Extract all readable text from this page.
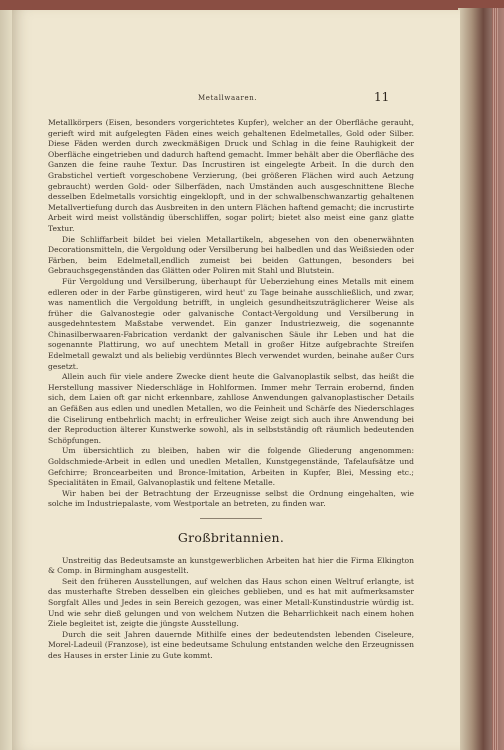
Metallwaaren.	11

Metallkörpers (Eisen, besonders vorgerichtetes Kupfer), welcher an der Oberfläche gerauht, gerieft wird mit aufgelegten Fäden eines weich gehaltenen Edelmetalles, Gold oder Silber. Diese Fäden werden durch zweckmäßigen Druck und Schlag in die feine Rauhigkeit der Oberfläche eingetrieben und dadurch haftend gemacht. Immer behält aber die Oberfläche des Ganzen die feine rauhe Textur. Das Incrustiren ist eingelegte Arbeit. In die durch den Grabstichel vertieft vorgeschobene Verzierung, (bei größeren Flächen wird auch Aetzung gebraucht) werden Gold- oder Silberfäden, nach Umständen auch ausgeschnittene Bleche desselben Edelmetalls vorsichtig eingeklopft, und in der schwalbenschwanzartig gehaltenen Metallvertiefung durch das Ausbreiten in den untern Flächen haftend gemacht; die incrustirte Arbeit wird meist vollständig überschliffen, sogar polirt; bietet also meist eine ganz glatte Textur.

Die Schliffarbeit bildet bei vielen Metallartikeln, abgesehen von den obenerwähnten Decorationsmitteln, die Vergoldung oder Versilberung bei halbedlen und das Weißsieden oder Färben, beim Edelmetall,endlich zumeist bei beiden Gattungen, besonders bei Gebrauchsgegenständen das Glätten oder Poliren mit Stahl und Blutstein.

Für Vergoldung und Versilberung, überhaupt für Ueberziehung eines Metalls mit einem edleren oder in der Farbe günstigeren, wird heut' zu Tage beinahe ausschließlich, und zwar, was namentlich die Vergoldung betrifft, in ungleich gesundheitszuträglicherer Weise als früher die Galvanostegie oder galvanische Contact-Vergoldung und Versilberung in ausgedehntestem Maßstabe verwendet. Ein ganzer Industriezweig, die sogenannte Chinasilberwaaren-Fabrication verdankt der galvanischen Säule ihr Leben und hat die sogenannte Plattirung, wo auf unechtem Metall in großer Hitze aufgebrachte Streifen Edelmetall gewalzt und als beliebig verdünntes Blech verwendet wurden, beinahe außer Curs gesetzt.

Allein auch für viele andere Zwecke dient heute die Galvanoplastik selbst, das heißt die Herstellung massiver Niederschläge in Hohlformen. Immer mehr Terrain erobernd, finden sich, dem Laien oft gar nicht erkennbare, zahllose Anwendungen galvanoplastischer Details an Gefäßen aus edlen und unedlen Metallen, wo die Feinheit und Schärfe des Niederschlages die Ciselirung entbehrlich macht; in erfreulicher Weise zeigt sich auch ihre Anwendung bei der Reproduction älterer Kunstwerke sowohl, als in selbstständig oft räumlich bedeutenden Schöpfungen.

Um übersichtlich zu bleiben, haben wir die folgende Gliederung angenommen: Goldschmiede-Arbeit in edlen und unedlen Metallen, Kunstgegenstände, Tafelaufsätze und Gefchirre; Broncearbeiten und Bronce-Imitation, Arbeiten in Kupfer, Blei, Messing etc.; Specialitäten in Email, Galvanoplastik und feltene Metalle.

Wir haben bei der Betrachtung der Erzeugnisse selbst die Ordnung eingehalten, wie solche im Industriepalaste, vom Westportale an betreten, zu finden war.

Großbritannien.

Unstreitig das Bedeutsamste an kunstgewerblichen Arbeiten hat hier die Firma Elkington & Comp. in Birmingham ausgestellt.

Seit den früheren Ausstellungen, auf welchen das Haus schon einen Weltruf erlangte, ist das musterhafte Streben desselben ein gleiches geblieben, und es hat mit aufmerksamster Sorgfalt Alles und Jedes in sein Bereich gezogen, was einer Metall-Kunstindustrie würdig ist. Und wie sehr dieß gelungen und von welchem Nutzen die Beharrlichkeit nach einem hohen Ziele begleitet ist, zeigte die jüngste Ausstellung.

Durch die seit Jahren dauernde Mithilfe eines der bedeutendsten lebenden Ciseleure, Morel-Ladeuil (Franzose), ist eine bedeutsame Schulung entstanden welche den Erzeugnissen des Hauses in erster Linie zu Gute kommt.
